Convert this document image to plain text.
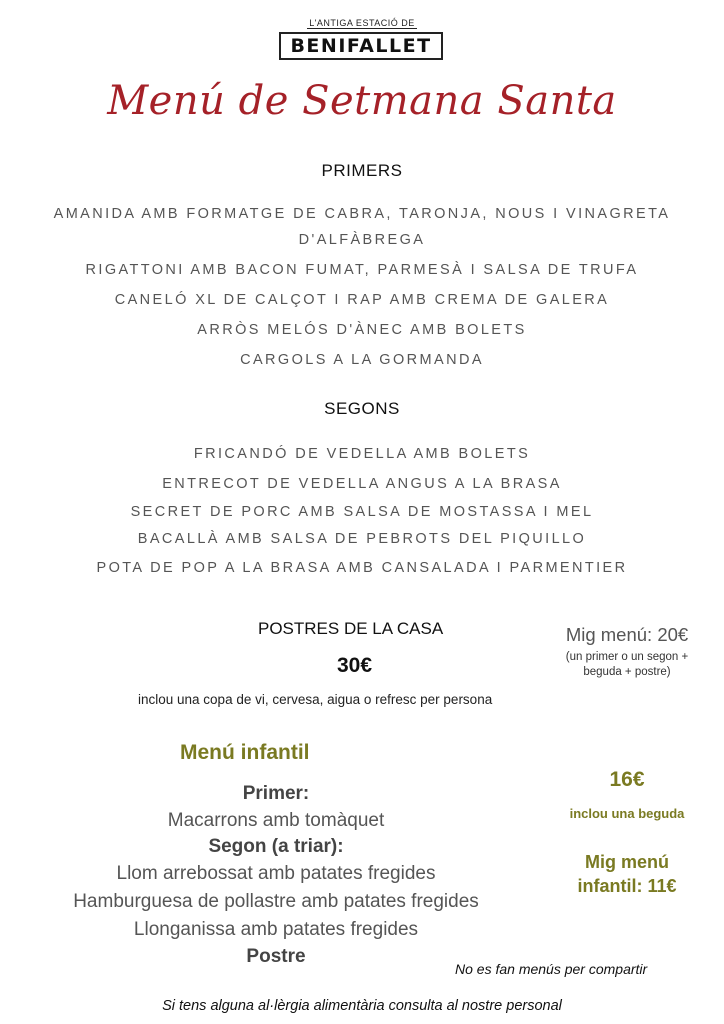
L'ANTIGA ESTACIÓ DE
BENIFALLET
Menú de Setmana Santa
PRIMERS
AMANIDA AMB FORMATGE DE CABRA, TARONJA, NOUS I VINAGRETA
D'ALFÀBREGA
RIGATTONI AMB BACON FUMAT, PARMESÀ I SALSA DE TRUFA
CANELÓ XL DE CALÇOT I RAP AMB CREMA DE GALERA
ARRÒS MELÓS D'ÀNEC AMB BOLETS
CARGOLS A LA GORMANDA
SEGONS
FRICANDÓ DE VEDELLA AMB BOLETS
ENTRECOT DE VEDELLA ANGUS A LA BRASA
SECRET DE PORC AMB SALSA DE MOSTASSA I MEL
BACALLÀ AMB SALSA DE PEBROTS DEL PIQUILLO
POTA DE POP A LA BRASA AMB CANSALADA I PARMENTIER
POSTRES DE LA CASA
30€
inclou una copa de vi, cervesa, aigua o refresc per persona
Mig menú: 20€
(un primer o un segon +
beguda + postre)
Menú infantil
Primer:
Macarrons amb tomàquet
Segon (a triar):
Llom arrebossat amb patates fregides
Hamburguesa de pollastre amb patates fregides
Llonganissa amb patates fregides
Postre
16€
inclou una beguda
Mig menú
infantil: 11€
No es fan menús per compartir
Si tens alguna al·lèrgia alimentària consulta al nostre personal
